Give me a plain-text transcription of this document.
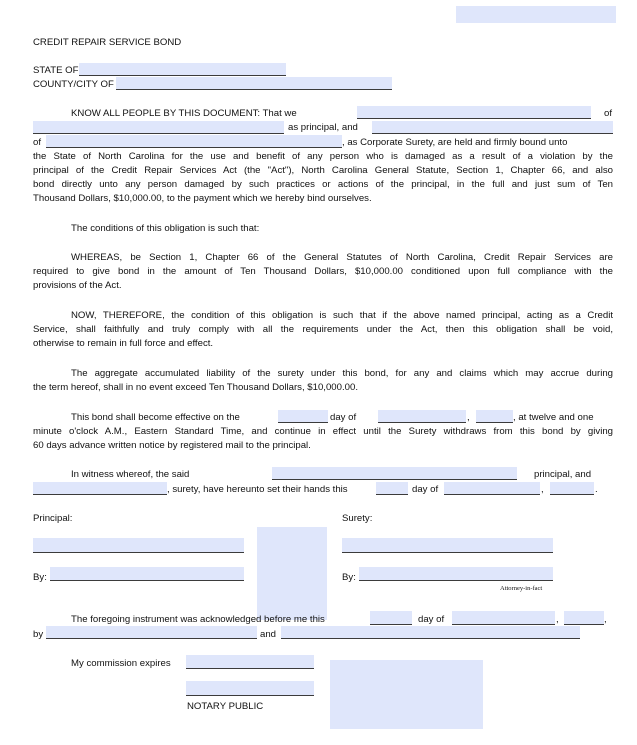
CREDIT REPAIR SERVICE BOND
STATE OF
COUNTY/CITY OF
KNOW ALL PEOPLE BY THIS DOCUMENT: That we	of
as principal, and
of	, as Corporate Surety, are held and firmly bound unto
the State of North Carolina for the use and benefit of any person who is damaged as a result of a violation by the
principal of the Credit Repair Services Act (the "Act"), North Carolina General Statute, Section 1, Chapter 66, and also
bond directly unto any person damaged by such practices or actions of the principal, in the full and just sum of Ten
Thousand Dollars, $10,000.00, to the payment which we hereby bind ourselves.
The conditions of this obligation is such that:
WHEREAS, be Section 1, Chapter 66 of the General Statutes of North Carolina, Credit Repair Services are
required to give bond in the amount of Ten Thousand Dollars, $10,000.00 conditioned upon full compliance with the
provisions of the Act.
NOW, THEREFORE, the condition of this obligation is such that if the above named principal, acting as a Credit
Service, shall faithfully and truly comply with all the requirements under the Act, then this obligation shall be void,
otherwise to remain in full force and effect.
The aggregate accumulated liability of the surety under this bond, for any and claims which may accrue during
the term hereof, shall in no event exceed Ten Thousand Dollars, $10,000.00.
This bond shall become effective on the	day of	,	, at twelve and one
minute o'clock A.M., Eastern Standard Time, and continue in effect until the Surety withdraws from this bond by giving
60 days advance written notice by registered mail to the principal.
In witness whereof, the said	principal, and
, surety, have hereunto set their hands this	day of	,	.
Principal:	Surety:
By:	By:
Attorney-in-fact
The foregoing instrument was acknowledged before me this	day of	,	,
by	and
My commission expires
NOTARY PUBLIC
